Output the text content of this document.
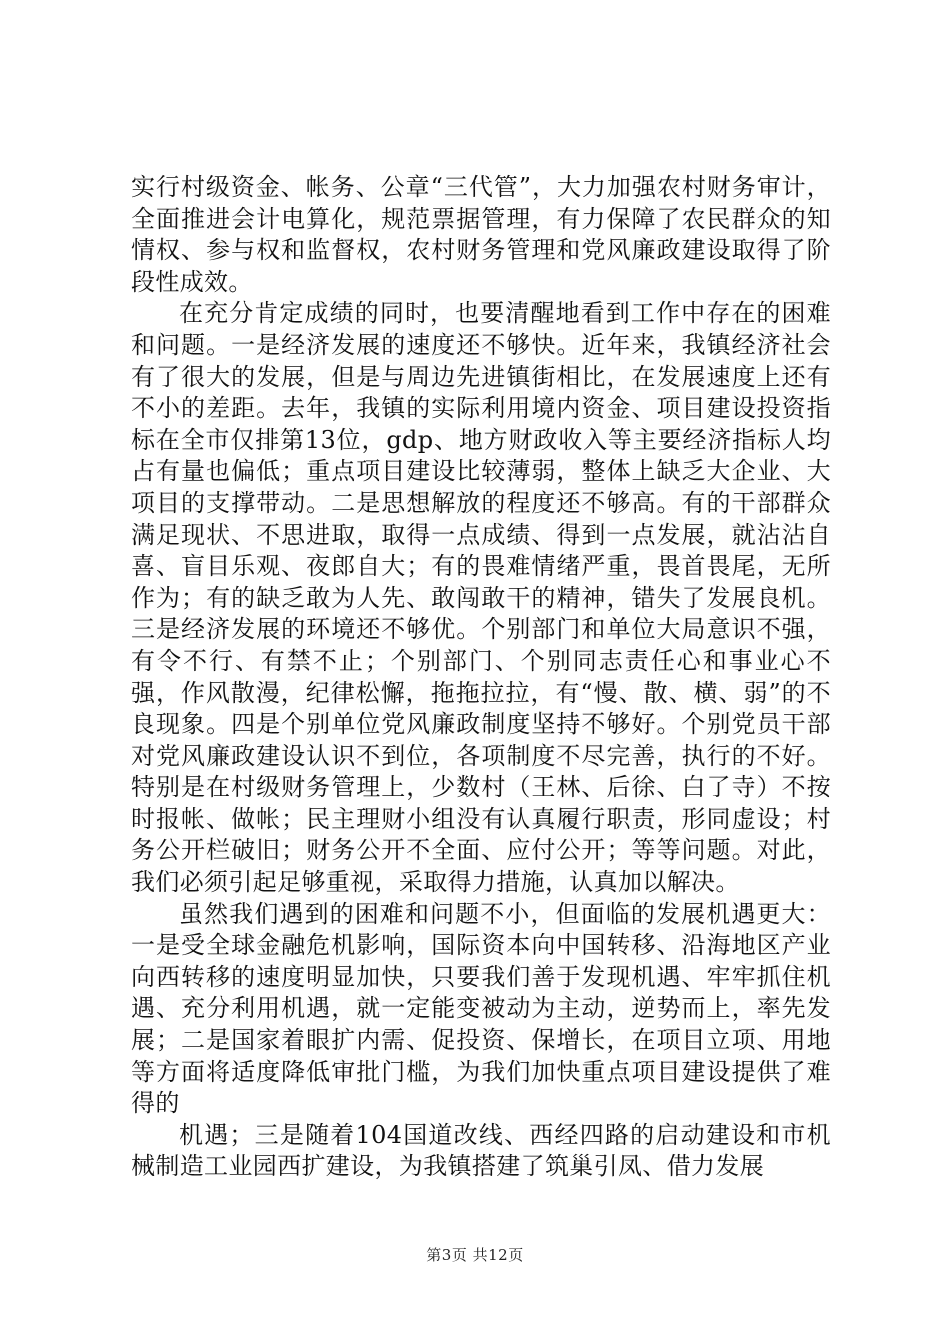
实行村级资金、帐务、公章“三代管”，大力加强农村财务审计，全面推进会计电算化，规范票据管理，有力保障了农民群众的知情权、参与权和监督权，农村财务管理和党风廉政建设取得了阶段性成效。

在充分肯定成绩的同时，也要清醒地看到工作中存在的困难和问题。一是经济发展的速度还不够快。近年来，我镇经济社会有了很大的发展，但是与周边先进镇街相比，在发展速度上还有不小的差距。去年，我镇的实际利用境内资金、项目建设投资指标在全市仅排第13位，gdp、地方财政收入等主要经济指标人均占有量也偏低；重点项目建设比较薄弱，整体上缺乏大企业、大项目的支撑带动。二是思想解放的程度还不够高。有的干部群众满足现状、不思进取，取得一点成绩、得到一点发展，就沾沾自喜、盲目乐观、夜郎自大；有的畏难情绪严重，畏首畏尾，无所作为；有的缺乏敢为人先、敢闯敢干的精神，错失了发展良机。三是经济发展的环境还不够优。个别部门和单位大局意识不强，有令不行、有禁不止；个别部门、个别同志责任心和事业心不强，作风散漫，纪律松懈，拖拖拉拉，有“慢、散、横、弱”的不良现象。四是个别单位党风廉政制度坚持不够好。个别党员干部对党风廉政建设认识不到位，各项制度不尽完善，执行的不好。特别是在村级财务管理上，少数村（王林、后徐、白了寺）不按时报帐、做帐；民主理财小组没有认真履行职责，形同虚设；村务公开栏破旧；财务公开不全面、应付公开；等等问题。对此，我们必须引起足够重视，采取得力措施，认真加以解决。

虽然我们遇到的困难和问题不小，但面临的发展机遇更大：一是受全球金融危机影响，国际资本向中国转移、沿海地区产业向西转移的速度明显加快，只要我们善于发现机遇、牢牢抓住机遇、充分利用机遇，就一定能变被动为主动，逆势而上，率先发展；二是国家着眼扩内需、促投资、保增长，在项目立项、用地等方面将适度降低审批门槛，为我们加快重点项目建设提供了难得的

机遇；三是随着104国道改线、西经四路的启动建设和市机械制造工业园西扩建设，为我镇搭建了筑巢引凤、借力发展

第3页 共12页
